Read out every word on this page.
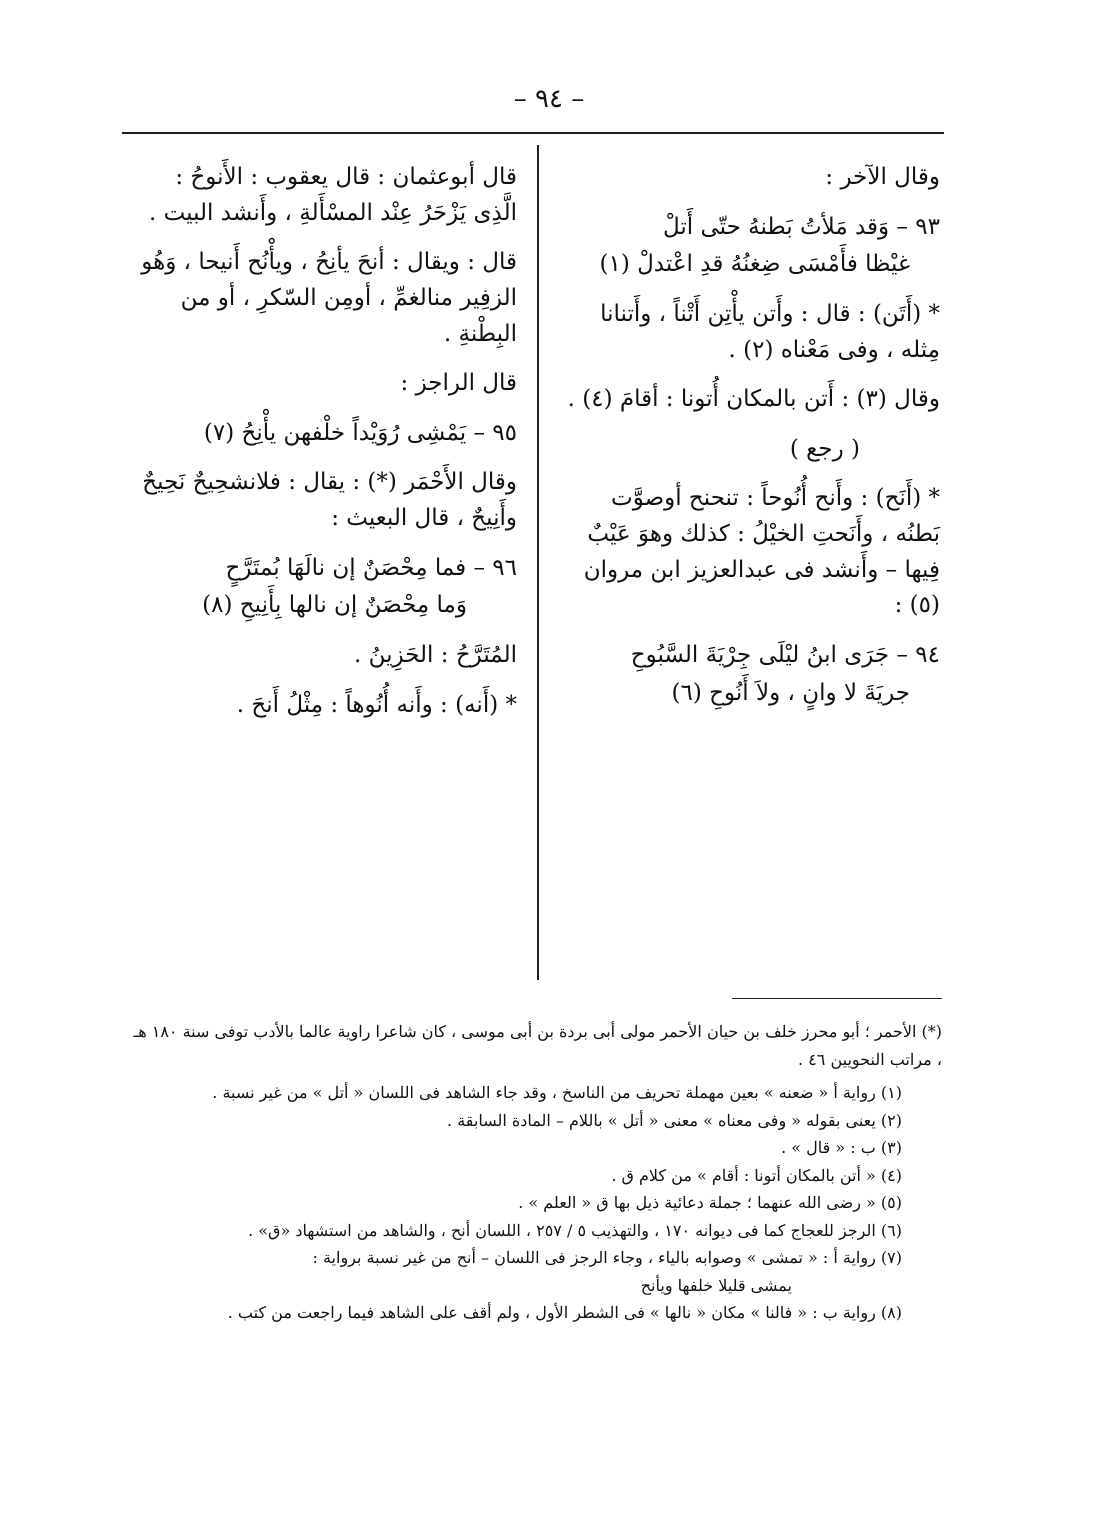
– ٩٤ –

وقال الآخر :

٩٣ – وَقد مَلأتُ بَطنهُ حتّى أَتلْ
غيْظا فأَمْسَى ضِغنُهُ قدِ اعْتدلْ (١)

* (أَتَن) : قال : وأَتن يأْتِن أَتْناً ، وأَتنانا مِثله ، وفى مَعْناه (٢) .

وقال (٣) : أَتن بالمكان أُتونا : أقامَ (٤) .

( رجع )

* (أَنَح) : وأَنح أُنُوحاً : تنحنح أوصوَّت بَطنُه ، وأَنَحتِ الخيْلُ : كذلك وهوَ عَيْبٌ فِيها – وأَنشد فى عبدالعزيز ابن مروان (٥) :

٩٤ – جَرَى ابنُ ليْلَى جِرْيَةَ السَّبُوحِ
جريَةَ لا وانٍ ، ولاَ أَنُوحِ (٦)

قال أبوعثمان : قال يعقوب : الأَنوحُ : الَّذِى يَزْحَرُ عِنْد المسْأَلةِ ، وأَنشد البيت .

قال : ويقال : أنحَ يأنِحُ ، ويأْنُح أَنيحا ، وَهُو الزفِير منالغمِّ ، أومِن السّكرِ ، أو من البِطْنةِ .

قال الراجز :

٩٥ – يَمْشِى رُوَيْداً خلْفهن يأْنِحُ (٧)

وقال الأَحْمَر (*) : يقال : فلانشحِيحٌ نَحِيحٌ وأَنِيحٌ ، قال البعيث :

٩٦ – فما مِحْصَنٌ إن نالَهَا بُمتَرَّحٍ
وَما مِحْصَنٌ إن نالها بِأَنِيحِ (٨)

المُتَرَّحُ : الحَزِينُ .

* (أَنه) : وأَنه أُنُوهاً : مِثْلُ أَنحَ .

(*) الأحمر ؛ أبو محرز خلف بن حيان الأحمر مولى أبى بردة بن أبى موسى ، كان شاعرا راوية عالما بالأدب توفى سنة ١٨٠ هـ ، مراتب النحويين ٤٦ .

(١) رواية أ « ضعنه » بعين مهملة تحريف من الناسخ ، وقد جاء الشاهد فى اللسان « أتل » من غير نسبة .

(٢) يعنى بقوله « وفى معناه » معنى « أتل » باللام – المادة السابقة .

(٣) ب : « قال » .

(٤) « أتن بالمكان أتونا : أقام » من كلام ق .

(٥) « رضى الله عنهما ؛ جملة دعائية ذيل بها ق « العلم » .

(٦) الرجز للعجاج كما فى ديوانه ١٧٠ ، والتهذيب ٥ / ٢٥٧ ، اللسان أنح ، والشاهد من استشهاد «ق» .

(٧) رواية أ : « تمشى » وصوابه بالياء ، وجاء الرجز فى اللسان – أنح من غير نسبة برواية :

يمشى قليلا خلفها ويأنح

(٨) رواية ب : « فالنا » مكان « نالها » فى الشطر الأول ، ولم أقف على الشاهد فيما راجعت من كتب .
